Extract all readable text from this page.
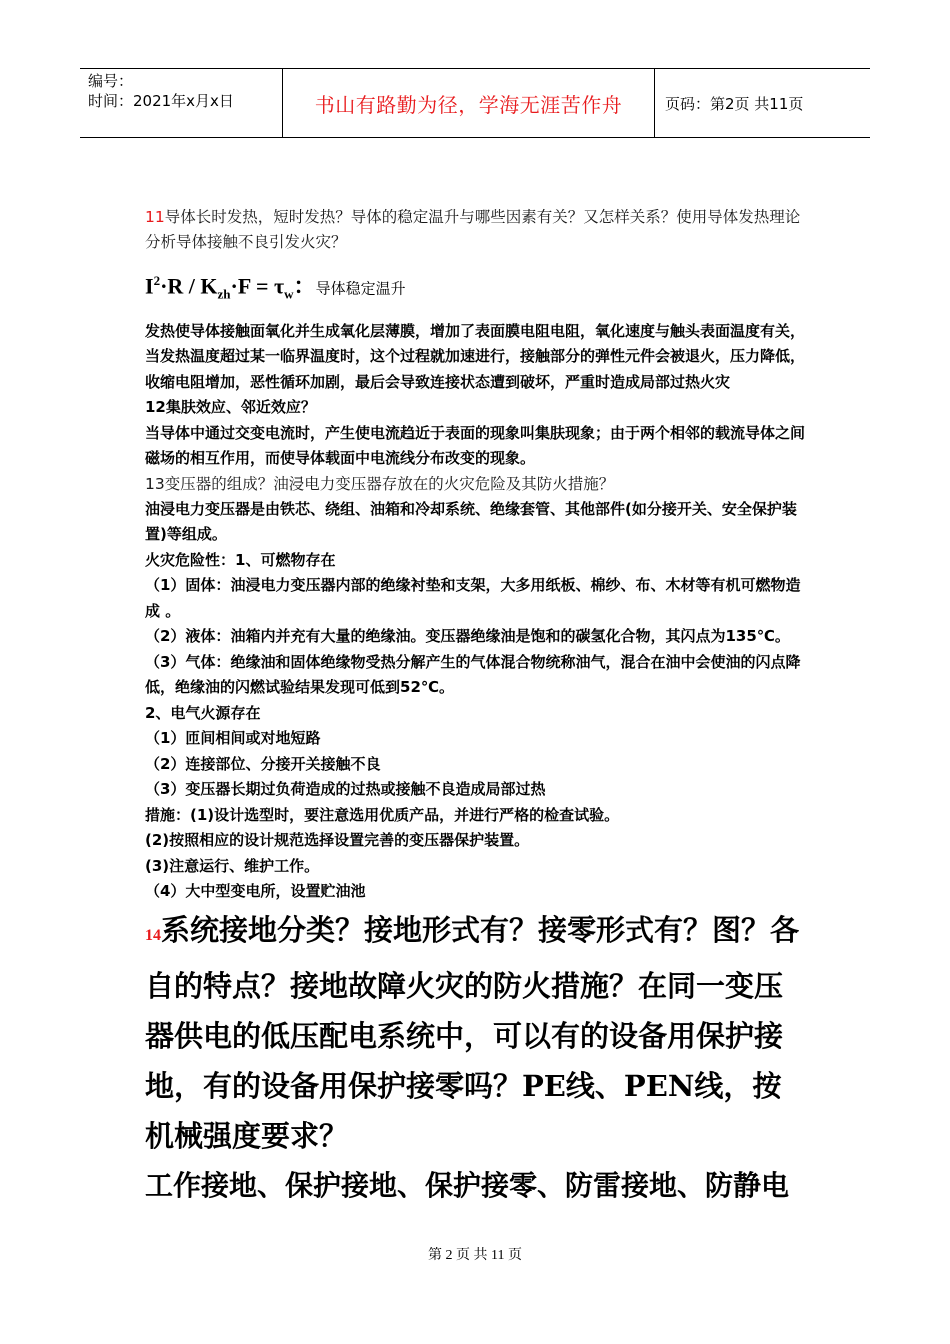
编号：
时间：2021年x月x日	书山有路勤为径，学海无涯苦作舟	页码：第2页 共11页

11导体长时发热，短时发热？导体的稳定温升与哪些因素有关？又怎样关系？使用导体发热理论分析导体接触不良引发火灾？

$I^2\cdot R / K_{zh}\cdot F = \tau_w$：导体稳定温升

发热使导体接触面氧化并生成氧化层薄膜，增加了表面膜电阻电阻，氧化速度与触头表面温度有关，当发热温度超过某一临界温度时，这个过程就加速进行，接触部分的弹性元件会被退火，压力降低，收缩电阻增加，恶性循环加剧，最后会导致连接状态遭到破坏，严重时造成局部过热火灾

12集肤效应、邻近效应？

当导体中通过交变电流时，产生使电流趋近于表面的现象叫集肤现象；由于两个相邻的载流导体之间磁场的相互作用，而使导体载面中电流线分布改变的现象。

13变压器的组成？油浸电力变压器存放在的火灾危险及其防火措施？

油浸电力变压器是由铁芯、绕组、油箱和冷却系统、绝缘套管、其他部件(如分接开关、安全保护装置)等组成。

火灾危险性：1、可燃物存在

（1）固体：油浸电力变压器内部的绝缘衬垫和支架，大多用纸板、棉纱、布、木材等有机可燃物造成 。

（2）液体：油箱内并充有大量的绝缘油。变压器绝缘油是饱和的碳氢化合物，其闪点为135℃。

（3）气体：绝缘油和固体绝缘物受热分解产生的气体混合物统称油气，混合在油中会使油的闪点降低，绝缘油的闪燃试验结果发现可低到52℃。

2、电气火源存在

（1）匝间相间或对地短路

（2）连接部位、分接开关接触不良

（3）变压器长期过负荷造成的过热或接触不良造成局部过热

措施：(1)设计选型时，要注意选用优质产品，并进行严格的检查试验。

(2)按照相应的设计规范选择设置完善的变压器保护装置。

(3)注意运行、维护工作。

（4）大中型变电所，设置贮油池

14系统接地分类？接地形式有？接零形式有？图？各自的特点？接地故障火灾的防火措施？在同一变压器供电的低压配电系统中，可以有的设备用保护接地，有的设备用保护接零吗？PE线、PEN线，按机械强度要求？

工作接地、保护接地、保护接零、防雷接地、防静电

第 2 页 共 11 页
